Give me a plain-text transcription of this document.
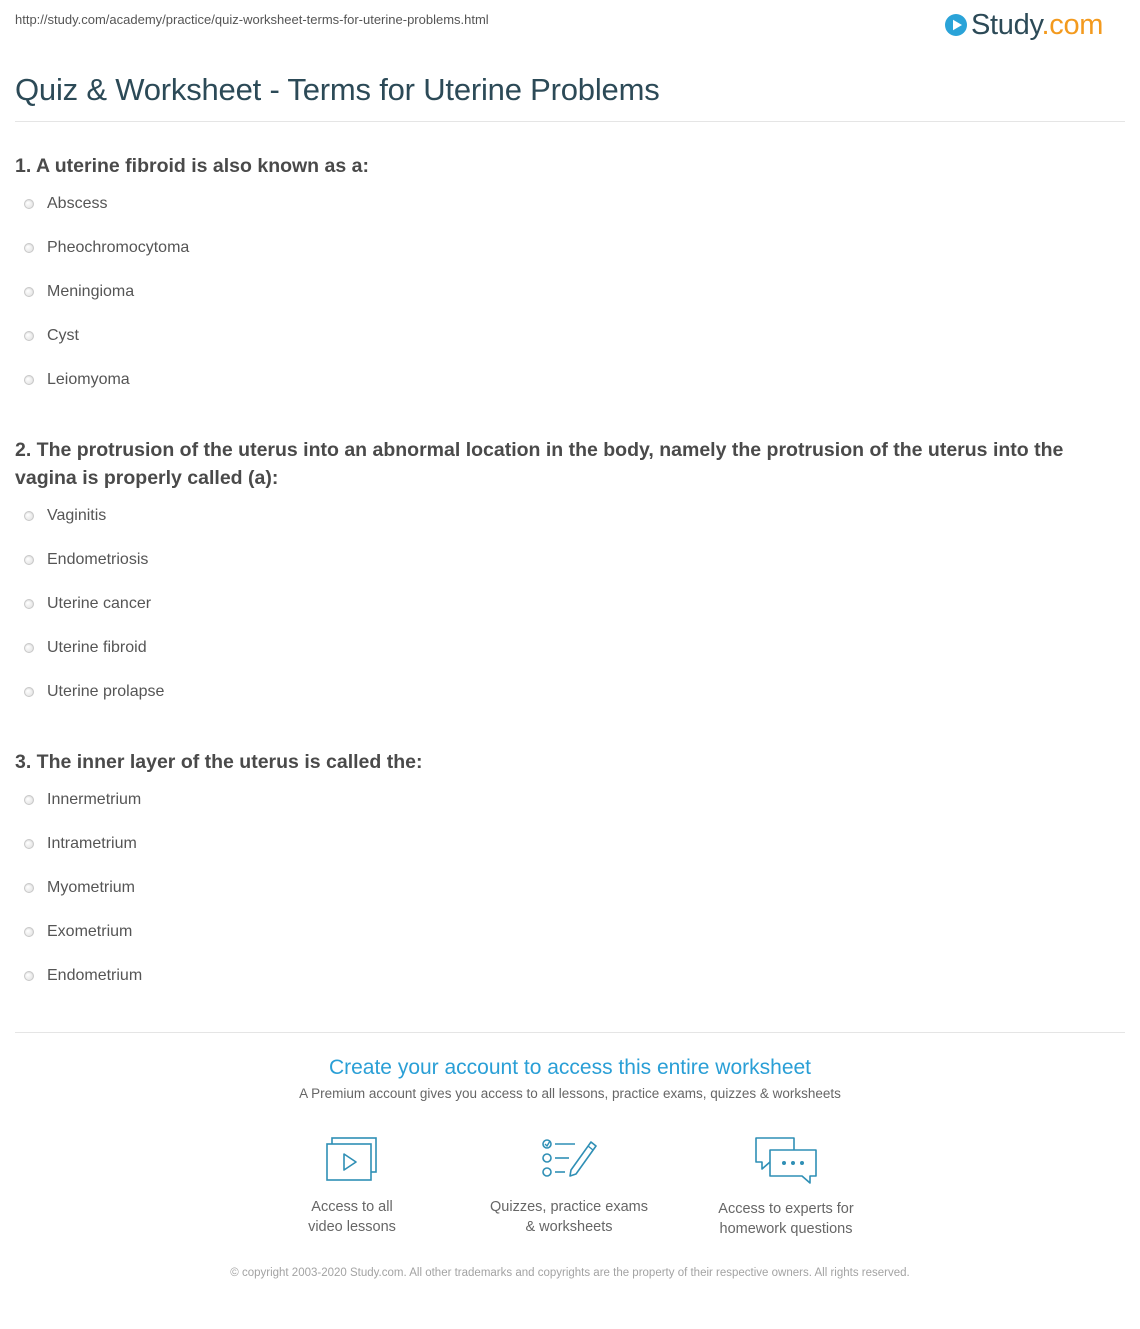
http://study.com/academy/practice/quiz-worksheet-terms-for-uterine-problems.html	Study.com
Quiz & Worksheet - Terms for Uterine Problems
1. A uterine fibroid is also known as a:
Abscess
Pheochromocytoma
Meningioma
Cyst
Leiomyoma
2. The protrusion of the uterus into an abnormal location in the body, namely the protrusion of the uterus into the vagina is properly called (a):
Vaginitis
Endometriosis
Uterine cancer
Uterine fibroid
Uterine prolapse
3. The inner layer of the uterus is called the:
Innermetrium
Intrametrium
Myometrium
Exometrium
Endometrium
Create your account to access this entire worksheet
A Premium account gives you access to all lessons, practice exams, quizzes & worksheets
Access to all
video lessons
Quizzes, practice exams
& worksheets
Access to experts for
homework questions
© copyright 2003-2020 Study.com. All other trademarks and copyrights are the property of their respective owners. All rights reserved.
